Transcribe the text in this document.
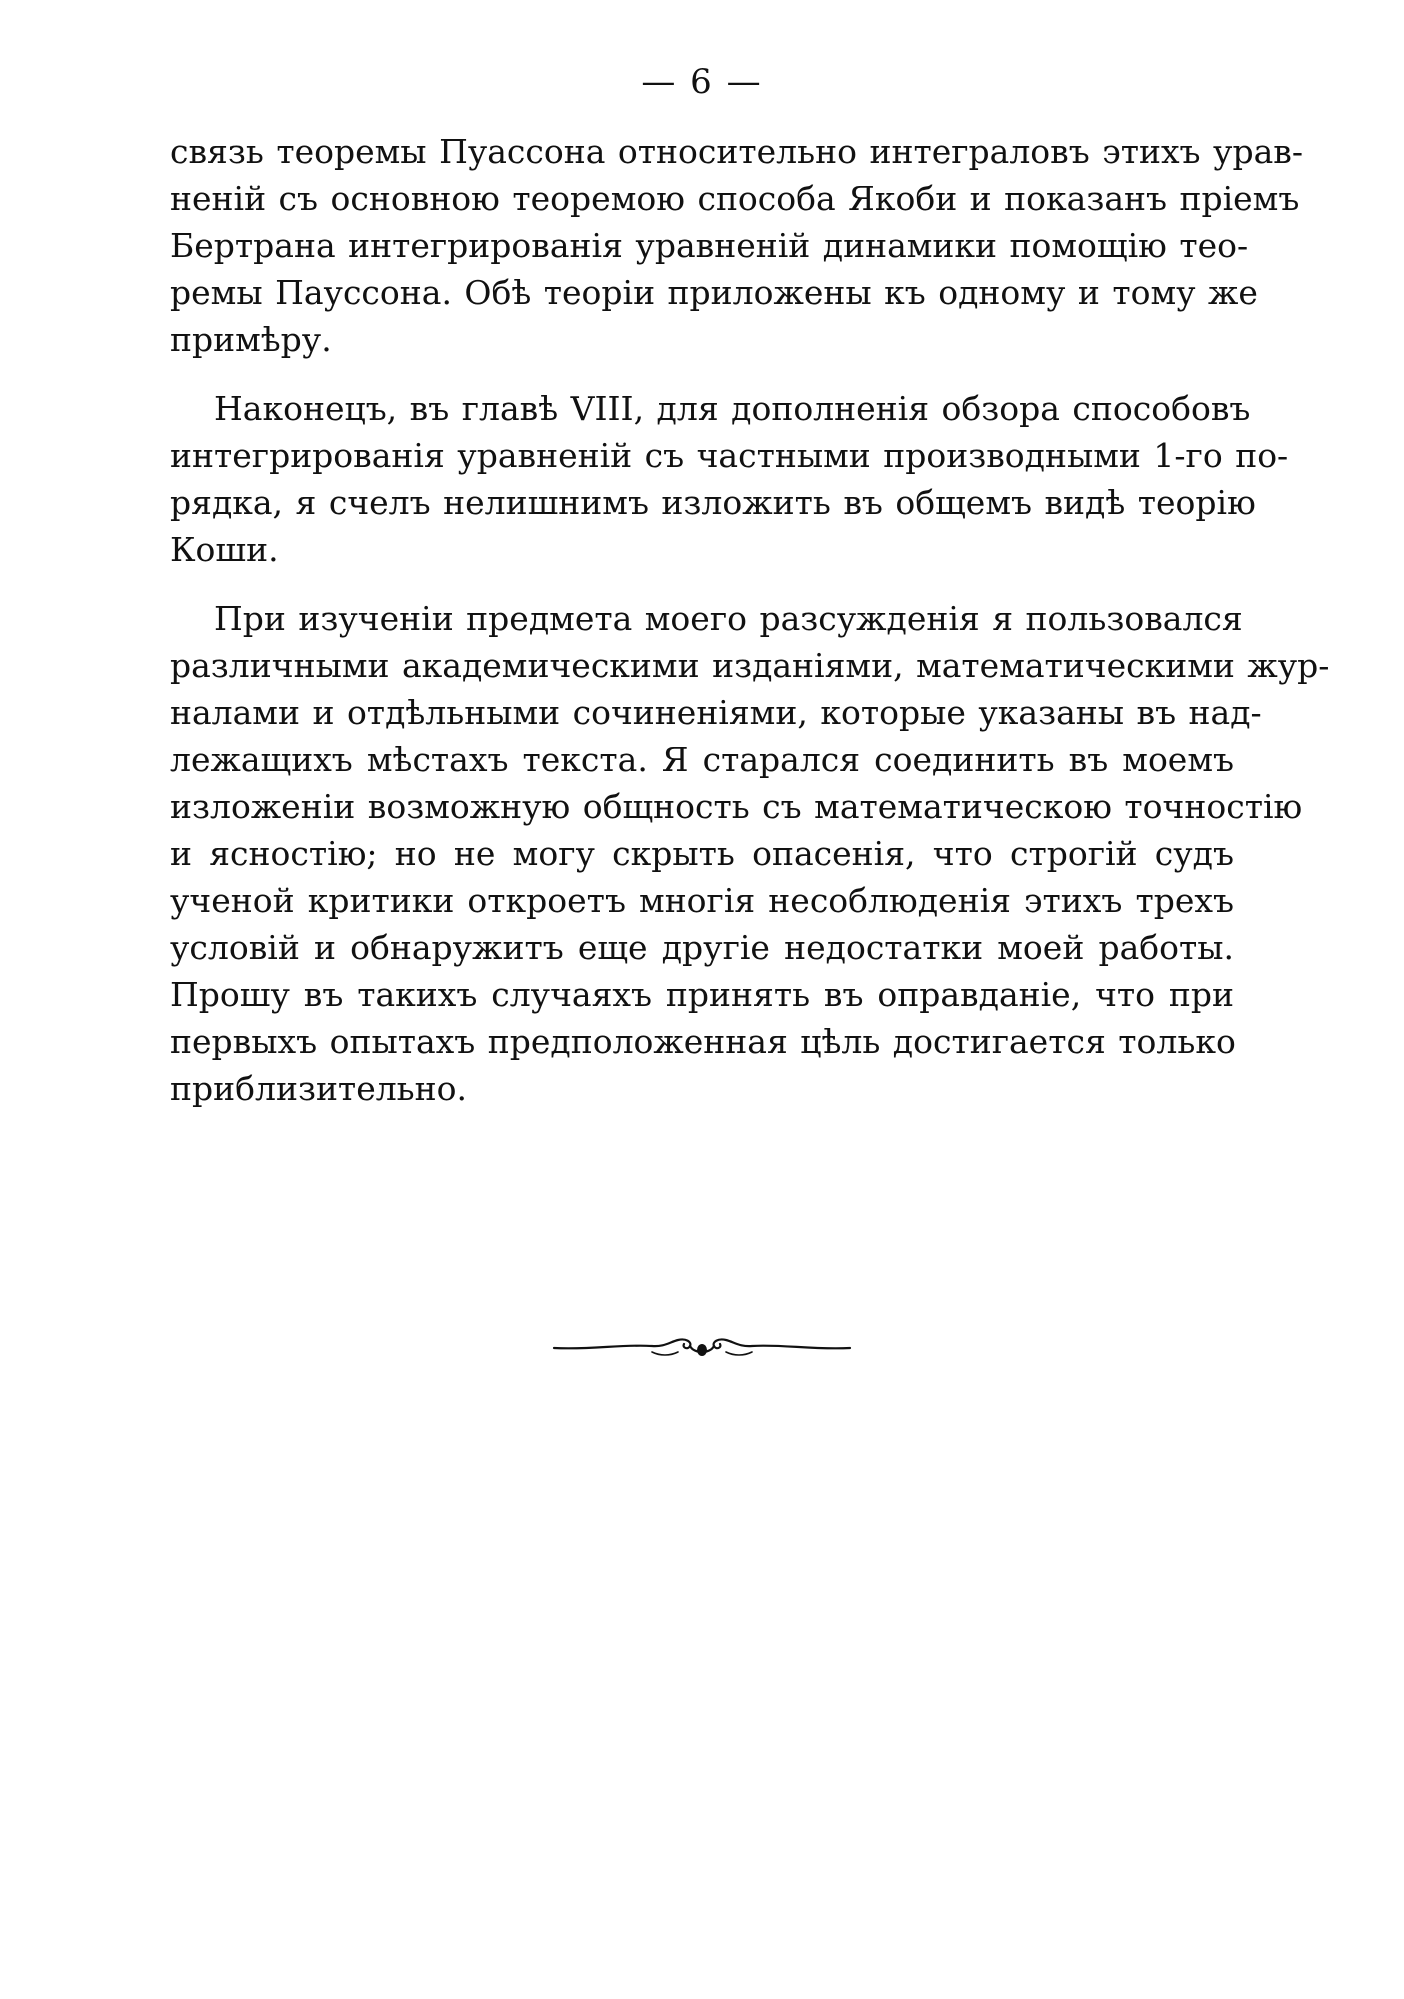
— 6 —
связь теоремы Пуассона относительно интеграловъ этихъ урав-
неній съ основною теоремою способа Якоби и показанъ пріемъ
Бертрана интегрированія уравненій динамики помощію тео-
ремы Паусcона. Обѣ теоріи приложены къ одному и тому же
примѣру.
Наконецъ, въ главѣ VIII, для дополненія обзора способовъ
интегрированія уравненій съ частными производными 1-го по-
рядка, я счелъ нелишнимъ изложить въ общемъ видѣ теорію
Коши.
При изученіи предмета моего разсужденія я пользовался
различными академическими изданіями, математическими жур-
налами и отдѣльными сочиненіями, которые указаны въ над-
лежащихъ мѣстахъ текста. Я старался соединить въ моемъ
изложеніи возможную общность съ математическою точностію
и ясностію; но не могу скрыть опасенія, что строгій судъ
ученой критики откроетъ многія несоблюденія этихъ трехъ
условій и обнаружитъ еще другіе недостатки моей работы.
Прошу въ такихъ случаяхъ принять въ оправданіе, что при
первыхъ опытахъ предположенная цѣль достигается только
приблизительно.
